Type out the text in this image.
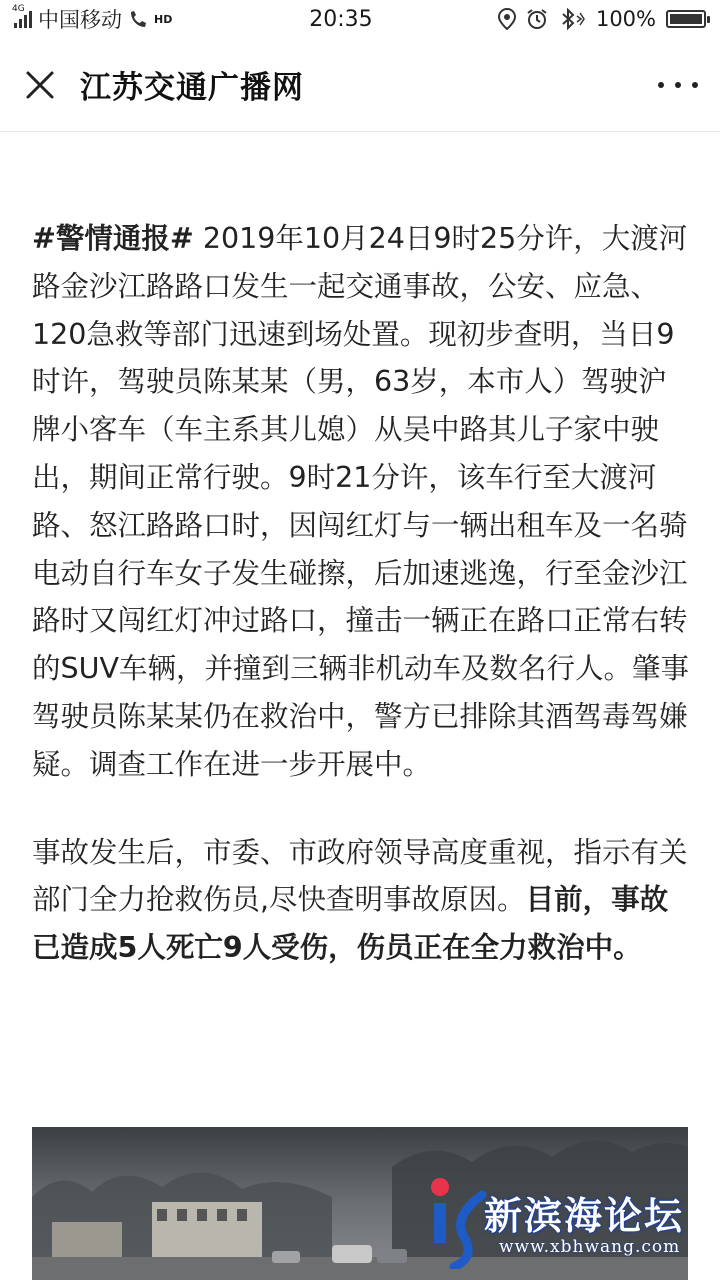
4G 中国移动	HD	20:35	100%
江苏交通广播网

#警情通报# 2019年10月24日9时25分许，大渡河路金沙江路路口发生一起交通事故，公安、应急、120急救等部门迅速到场处置。现初步查明，当日9时许，驾驶员陈某某（男，63岁，本市人）驾驶沪牌小客车（车主系其儿媳）从吴中路其儿子家中驶出，期间正常行驶。9时21分许，该车行至大渡河路、怒江路路口时，因闯红灯与一辆出租车及一名骑电动自行车女子发生碰擦，后加速逃逸，行至金沙江路时又闯红灯冲过路口，撞击一辆正在路口正常右转的SUV车辆，并撞到三辆非机动车及数名行人。肇事驾驶员陈某某仍在救治中，警方已排除其酒驾毒驾嫌疑。调查工作在进一步开展中。

事故发生后，市委、市政府领导高度重视，指示有关部门全力抢救伤员,尽快查明事故原因。目前，事故已造成5人死亡9人受伤，伤员正在全力救治中。

新滨海论坛
www.xbhwang.com
